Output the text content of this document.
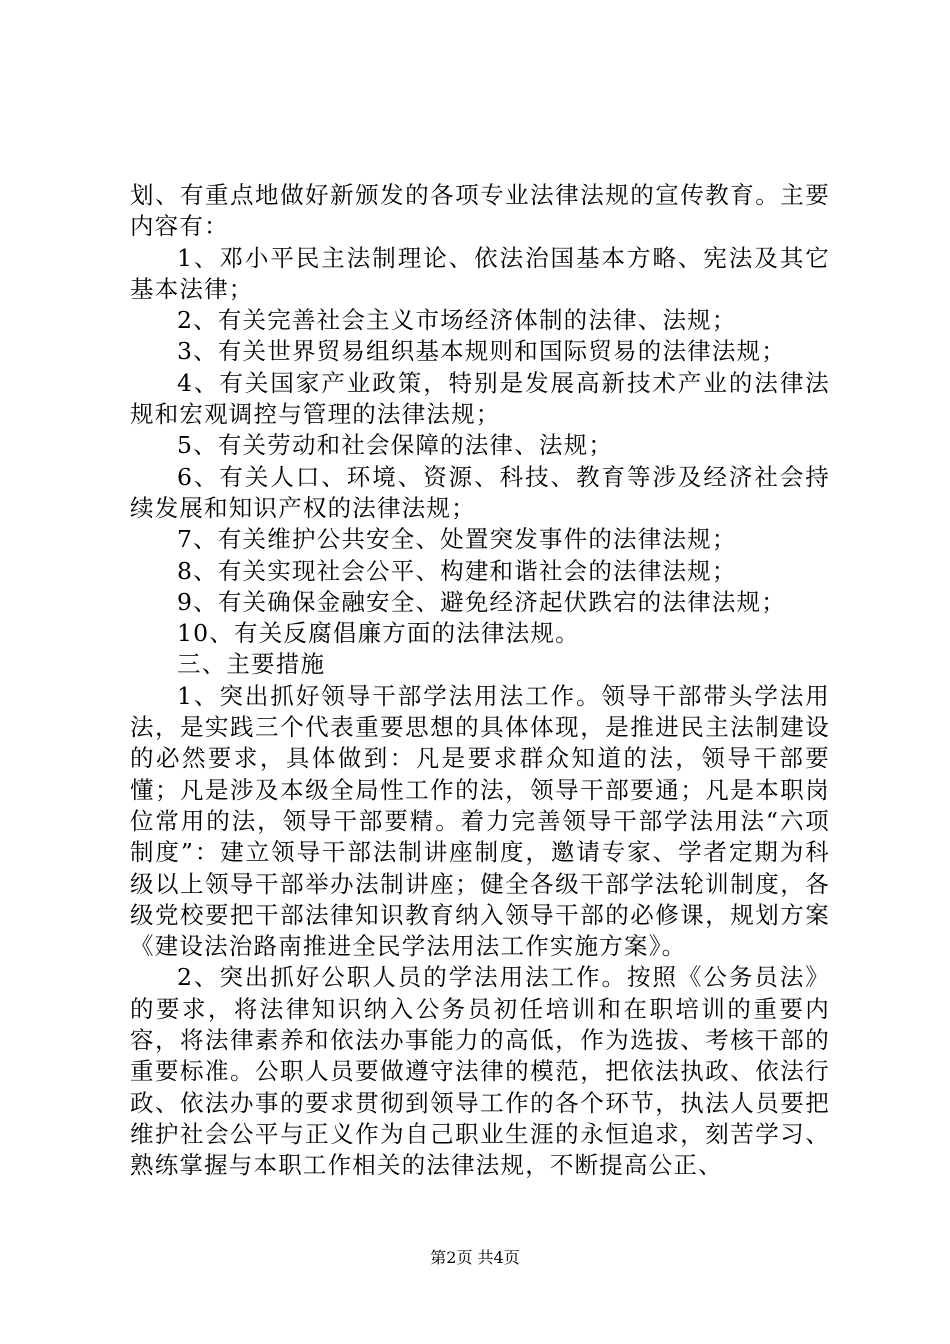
划、有重点地做好新颁发的各项专业法律法规的宣传教育。主要内容有：

1、邓小平民主法制理论、依法治国基本方略、宪法及其它基本法律；

2、有关完善社会主义市场经济体制的法律、法规；

3、有关世界贸易组织基本规则和国际贸易的法律法规；

4、有关国家产业政策，特别是发展高新技术产业的法律法规和宏观调控与管理的法律法规；

5、有关劳动和社会保障的法律、法规；

6、有关人口、环境、资源、科技、教育等涉及经济社会持续发展和知识产权的法律法规；

7、有关维护公共安全、处置突发事件的法律法规；

8、有关实现社会公平、构建和谐社会的法律法规；

9、有关确保金融安全、避免经济起伏跌宕的法律法规；

10、有关反腐倡廉方面的法律法规。

三、主要措施

1、突出抓好领导干部学法用法工作。领导干部带头学法用法，是实践三个代表重要思想的具体体现，是推进民主法制建设的必然要求，具体做到：凡是要求群众知道的法，领导干部要懂；凡是涉及本级全局性工作的法，领导干部要通；凡是本职岗位常用的法，领导干部要精。着力完善领导干部学法用法“六项制度”：建立领导干部法制讲座制度，邀请专家、学者定期为科级以上领导干部举办法制讲座；健全各级干部学法轮训制度，各级党校要把干部法律知识教育纳入领导干部的必修课，规划方案《建设法治路南推进全民学法用法工作实施方案》。

2、突出抓好公职人员的学法用法工作。按照《公务员法》的要求，将法律知识纳入公务员初任培训和在职培训的重要内容，将法律素养和依法办事能力的高低，作为选拔、考核干部的重要标准。公职人员要做遵守法律的模范，把依法执政、依法行政、依法办事的要求贯彻到领导工作的各个环节，执法人员要把维护社会公平与正义作为自己职业生涯的永恒追求，刻苦学习、熟练掌握与本职工作相关的法律法规，不断提高公正、

第2页 共4页
